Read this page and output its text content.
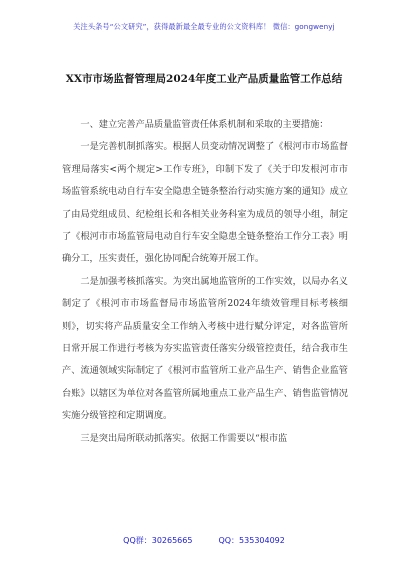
关注头条号“公文研究”，获得最新最全最专业的公文资料库！ 微信：gongwenyj
XX市市场监督管理局2024年度工业产品质量监管工作总结

一、建立完善产品质量监管责任体系机制和采取的主要措施：

一是完善机制抓落实。根据人员变动情况调整了《根河市市场监督管理局落实<两个规定>工作专班》，印制下发了《关于印发根河市市场监管系统电动自行车安全隐患全链条整治行动实施方案的通知》成立了由局党组成员、纪检组长和各相关业务科室为成员的领导小组，制定了《根河市市场监管局电动自行车安全隐患全链条整治工作分工表》明确分工，压实责任，强化协同配合统筹开展工作。

二是加强考核抓落实。为突出属地监管所的工作实效，以局办名义制定了《根河市市场监督局市场监管所2024年绩效管理目标考核细则》，切实将产品质量安全工作纳入考核中进行赋分评定，对各监管所日常开展工作进行考核为夯实监管责任落实分级管控责任，结合我市生产、流通领域实际制定了《根河市监管所工业产品生产、销售企业监管台账》以辖区为单位对各监管所属地重点工业产品生产、销售监管情况实施分级管控和定期调度。

三是突出局所联动抓落实。依据工作需要以“根市监

QQ群：30265665	QQ：535304092
